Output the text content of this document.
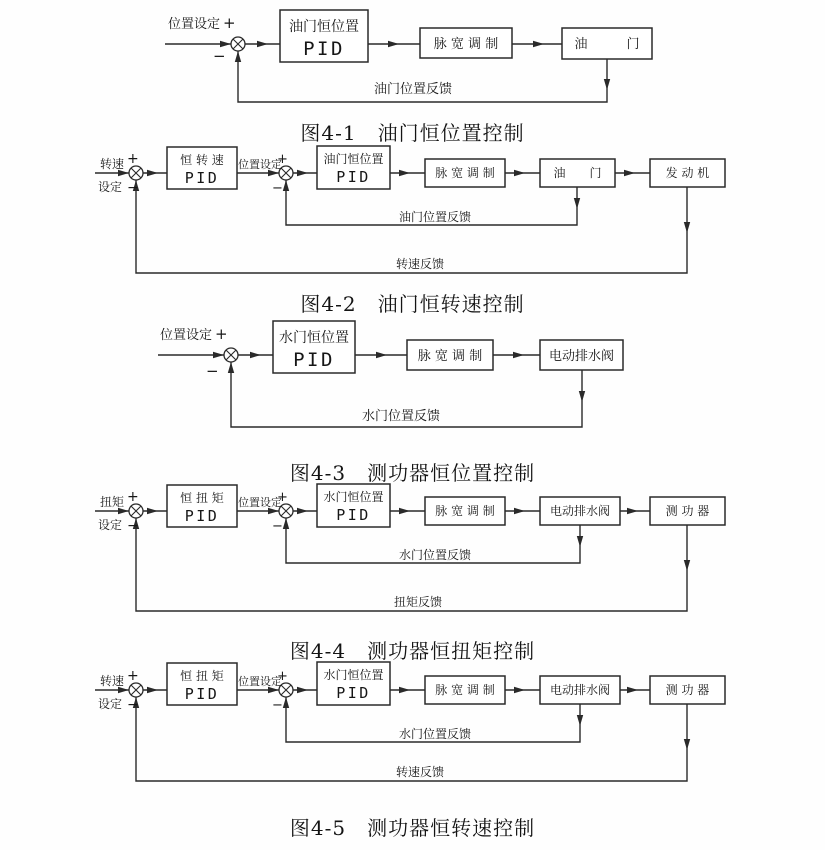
油门恒位置
PID	脉 宽 调 制	油　　　门
位置设定 +
−
油门位置反馈
恒 转 速
PID
油门恒位置
PID	脉 宽 调 制	油　　门	发 动 机
转速 +
设定 −
位置设定
+
−
油门位置反馈
转速反馈
水门恒位置
PID	脉 宽 调 制	电动排水阀
位置设定 +
−
水门位置反馈
恒 扭 矩
PID
水门恒位置
PID	脉 宽 调 制	电动排水阀	测 功 器
扭矩 +
设定 −
位置设定
+
−
水门位置反馈
扭矩反馈
恒 扭 矩
PID
水门恒位置
PID	脉 宽 调 制	电动排水阀	测 功 器
转速 +
设定 −
位置设定
+
−
水门位置反馈
转速反馈
图4-1　油门恒位置控制
图4-2　油门恒转速控制
图4-3　测功器恒位置控制
图4-4　测功器恒扭矩控制
图4-5　测功器恒转速控制
